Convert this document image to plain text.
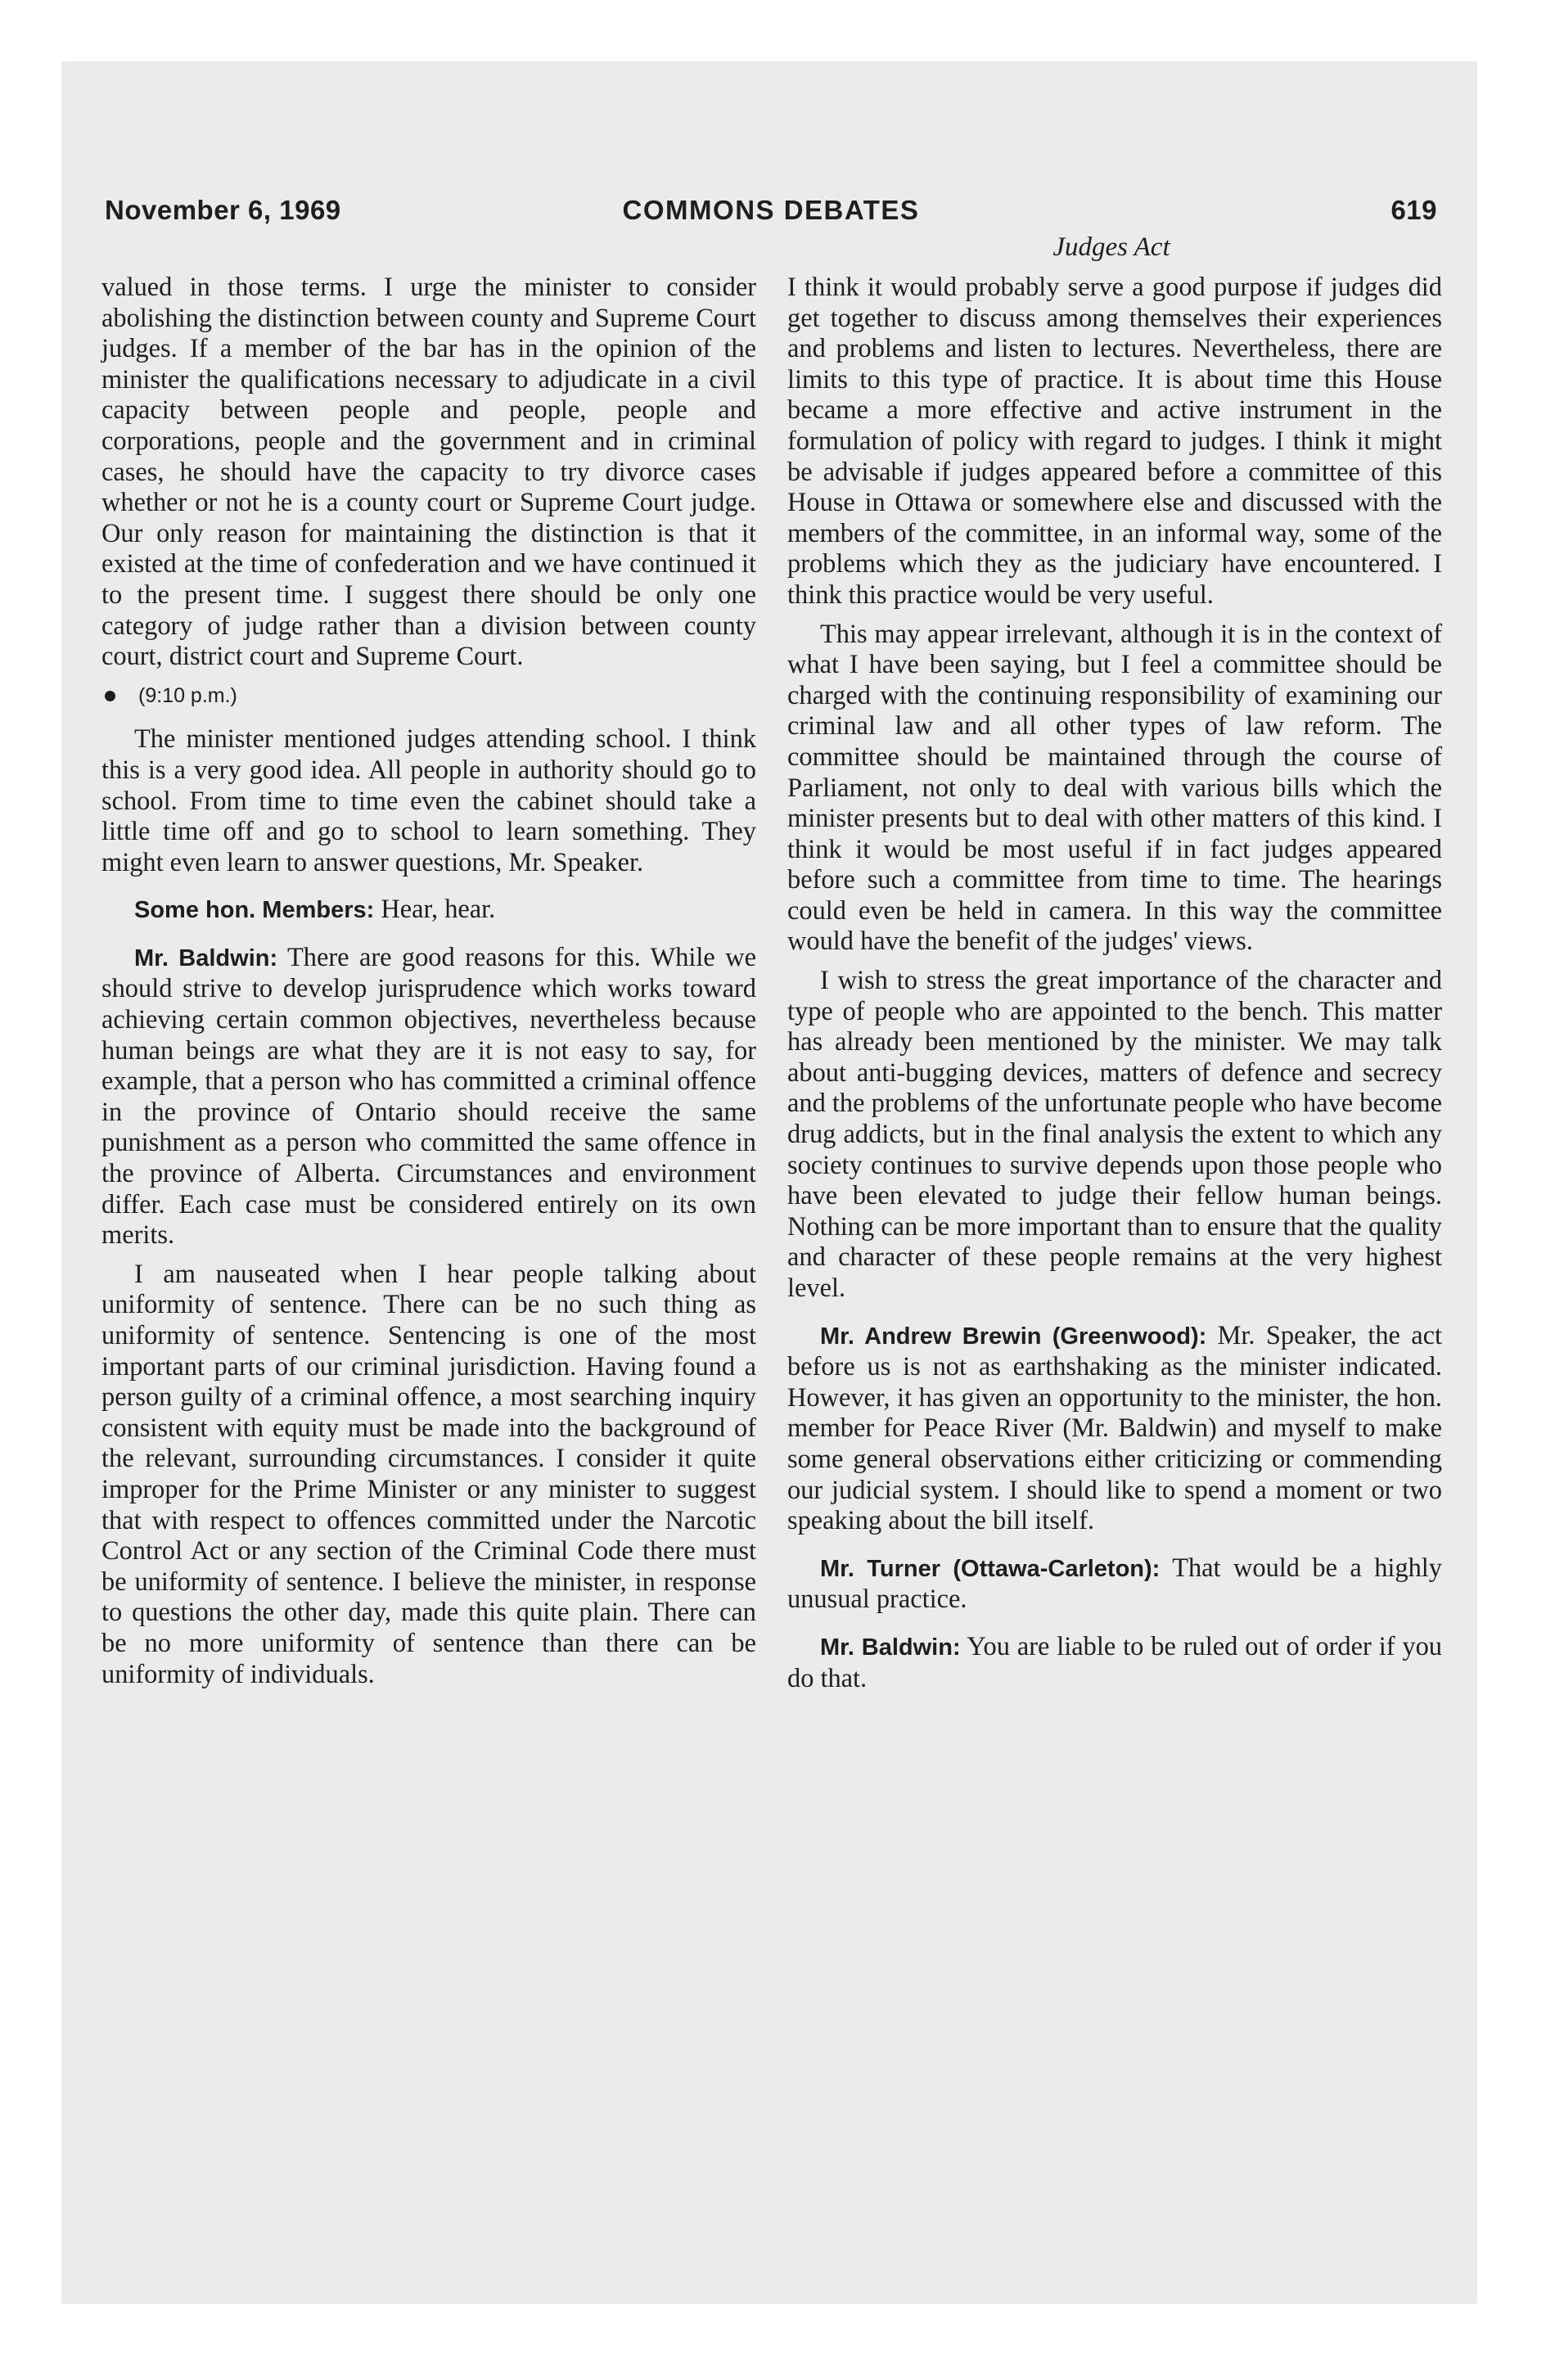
November 6, 1969	COMMONS DEBATES	619
Judges Act

valued in those terms. I urge the minister to consider abolishing the distinction between county and Supreme Court judges. If a member of the bar has in the opinion of the minister the qualifications necessary to adjudicate in a civil capacity between people and people, people and corporations, people and the government and in criminal cases, he should have the capacity to try divorce cases whether or not he is a county court or Supreme Court judge. Our only reason for maintaining the distinction is that it existed at the time of confederation and we have continued it to the present time. I suggest there should be only one category of judge rather than a division between county court, district court and Supreme Court.

(9:10 p.m.)

The minister mentioned judges attending school. I think this is a very good idea. All people in authority should go to school. From time to time even the cabinet should take a little time off and go to school to learn something. They might even learn to answer questions, Mr. Speaker.

Some hon. Members: Hear, hear.

Mr. Baldwin: There are good reasons for this. While we should strive to develop jurisprudence which works toward achieving certain common objectives, nevertheless because human beings are what they are it is not easy to say, for example, that a person who has committed a criminal offence in the province of Ontario should receive the same punishment as a person who committed the same offence in the province of Alberta. Circumstances and environment differ. Each case must be considered entirely on its own merits.

I am nauseated when I hear people talking about uniformity of sentence. There can be no such thing as uniformity of sentence. Sentencing is one of the most important parts of our criminal jurisdiction. Having found a person guilty of a criminal offence, a most searching inquiry consistent with equity must be made into the background of the relevant, surrounding circumstances. I consider it quite improper for the Prime Minister or any minister to suggest that with respect to offences committed under the Narcotic Control Act or any section of the Criminal Code there must be uniformity of sentence. I believe the minister, in response to questions the other day, made this quite plain. There can be no more uniformity of sentence than there can be uniformity of individuals.

I think it would probably serve a good purpose if judges did get together to discuss among themselves their experiences and problems and listen to lectures. Nevertheless, there are limits to this type of practice. It is about time this House became a more effective and active instrument in the formulation of policy with regard to judges. I think it might be advisable if judges appeared before a committee of this House in Ottawa or somewhere else and discussed with the members of the committee, in an informal way, some of the problems which they as the judiciary have encountered. I think this practice would be very useful.

This may appear irrelevant, although it is in the context of what I have been saying, but I feel a committee should be charged with the continuing responsibility of examining our criminal law and all other types of law reform. The committee should be maintained through the course of Parliament, not only to deal with various bills which the minister presents but to deal with other matters of this kind. I think it would be most useful if in fact judges appeared before such a committee from time to time. The hearings could even be held in camera. In this way the committee would have the benefit of the judges' views.

I wish to stress the great importance of the character and type of people who are appointed to the bench. This matter has already been mentioned by the minister. We may talk about anti-bugging devices, matters of defence and secrecy and the problems of the unfortunate people who have become drug addicts, but in the final analysis the extent to which any society continues to survive depends upon those people who have been elevated to judge their fellow human beings. Nothing can be more important than to ensure that the quality and character of these people remains at the very highest level.

Mr. Andrew Brewin (Greenwood): Mr. Speaker, the act before us is not as earthshaking as the minister indicated. However, it has given an opportunity to the minister, the hon. member for Peace River (Mr. Baldwin) and myself to make some general observations either criticizing or commending our judicial system. I should like to spend a moment or two speaking about the bill itself.

Mr. Turner (Ottawa-Carleton): That would be a highly unusual practice.

Mr. Baldwin: You are liable to be ruled out of order if you do that.
